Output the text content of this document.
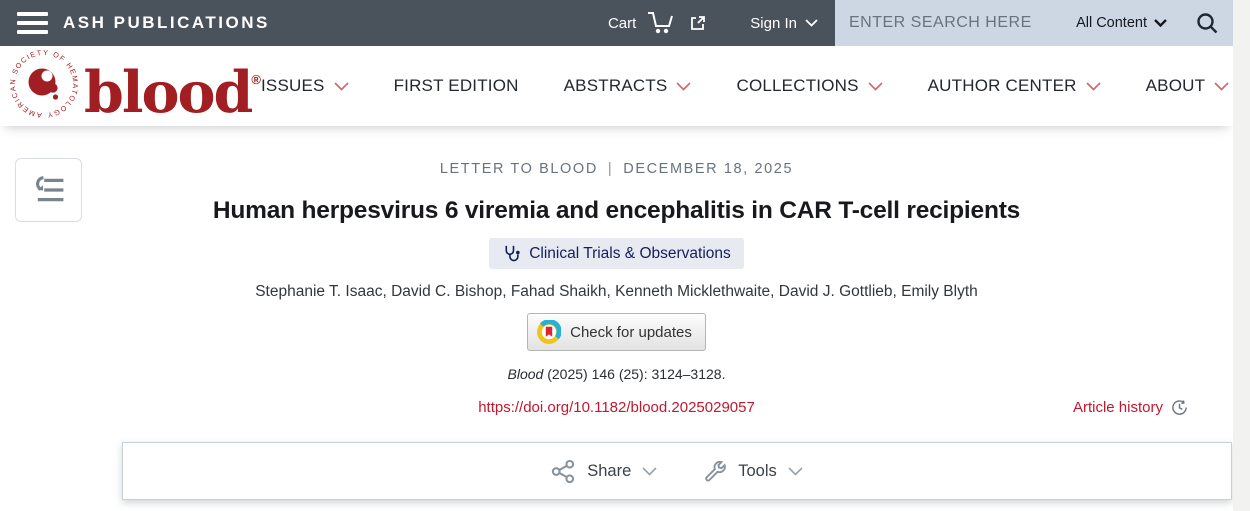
ASH PUBLICATIONS	Cart	Sign In
ENTER SEARCH HERE	All Content
AMERICAN SOCIETY OF HEMATOLOGY blood® ISSUES	FIRST EDITION	ABSTRACTS	COLLECTIONS	AUTHOR CENTER	ABOUT
LETTER TO BLOOD | DECEMBER 18, 2025
Human herpesvirus 6 viremia and encephalitis in CAR T-cell recipients
Clinical Trials & Observations
Stephanie T. Isaac, David C. Bishop, Fahad Shaikh, Kenneth Micklethwaite, David J. Gottlieb, Emily Blyth
Check for updates
Blood (2025) 146 (25): 3124–3128.
https://doi.org/10.1182/blood.2025029057	Article history
Share	Tools
